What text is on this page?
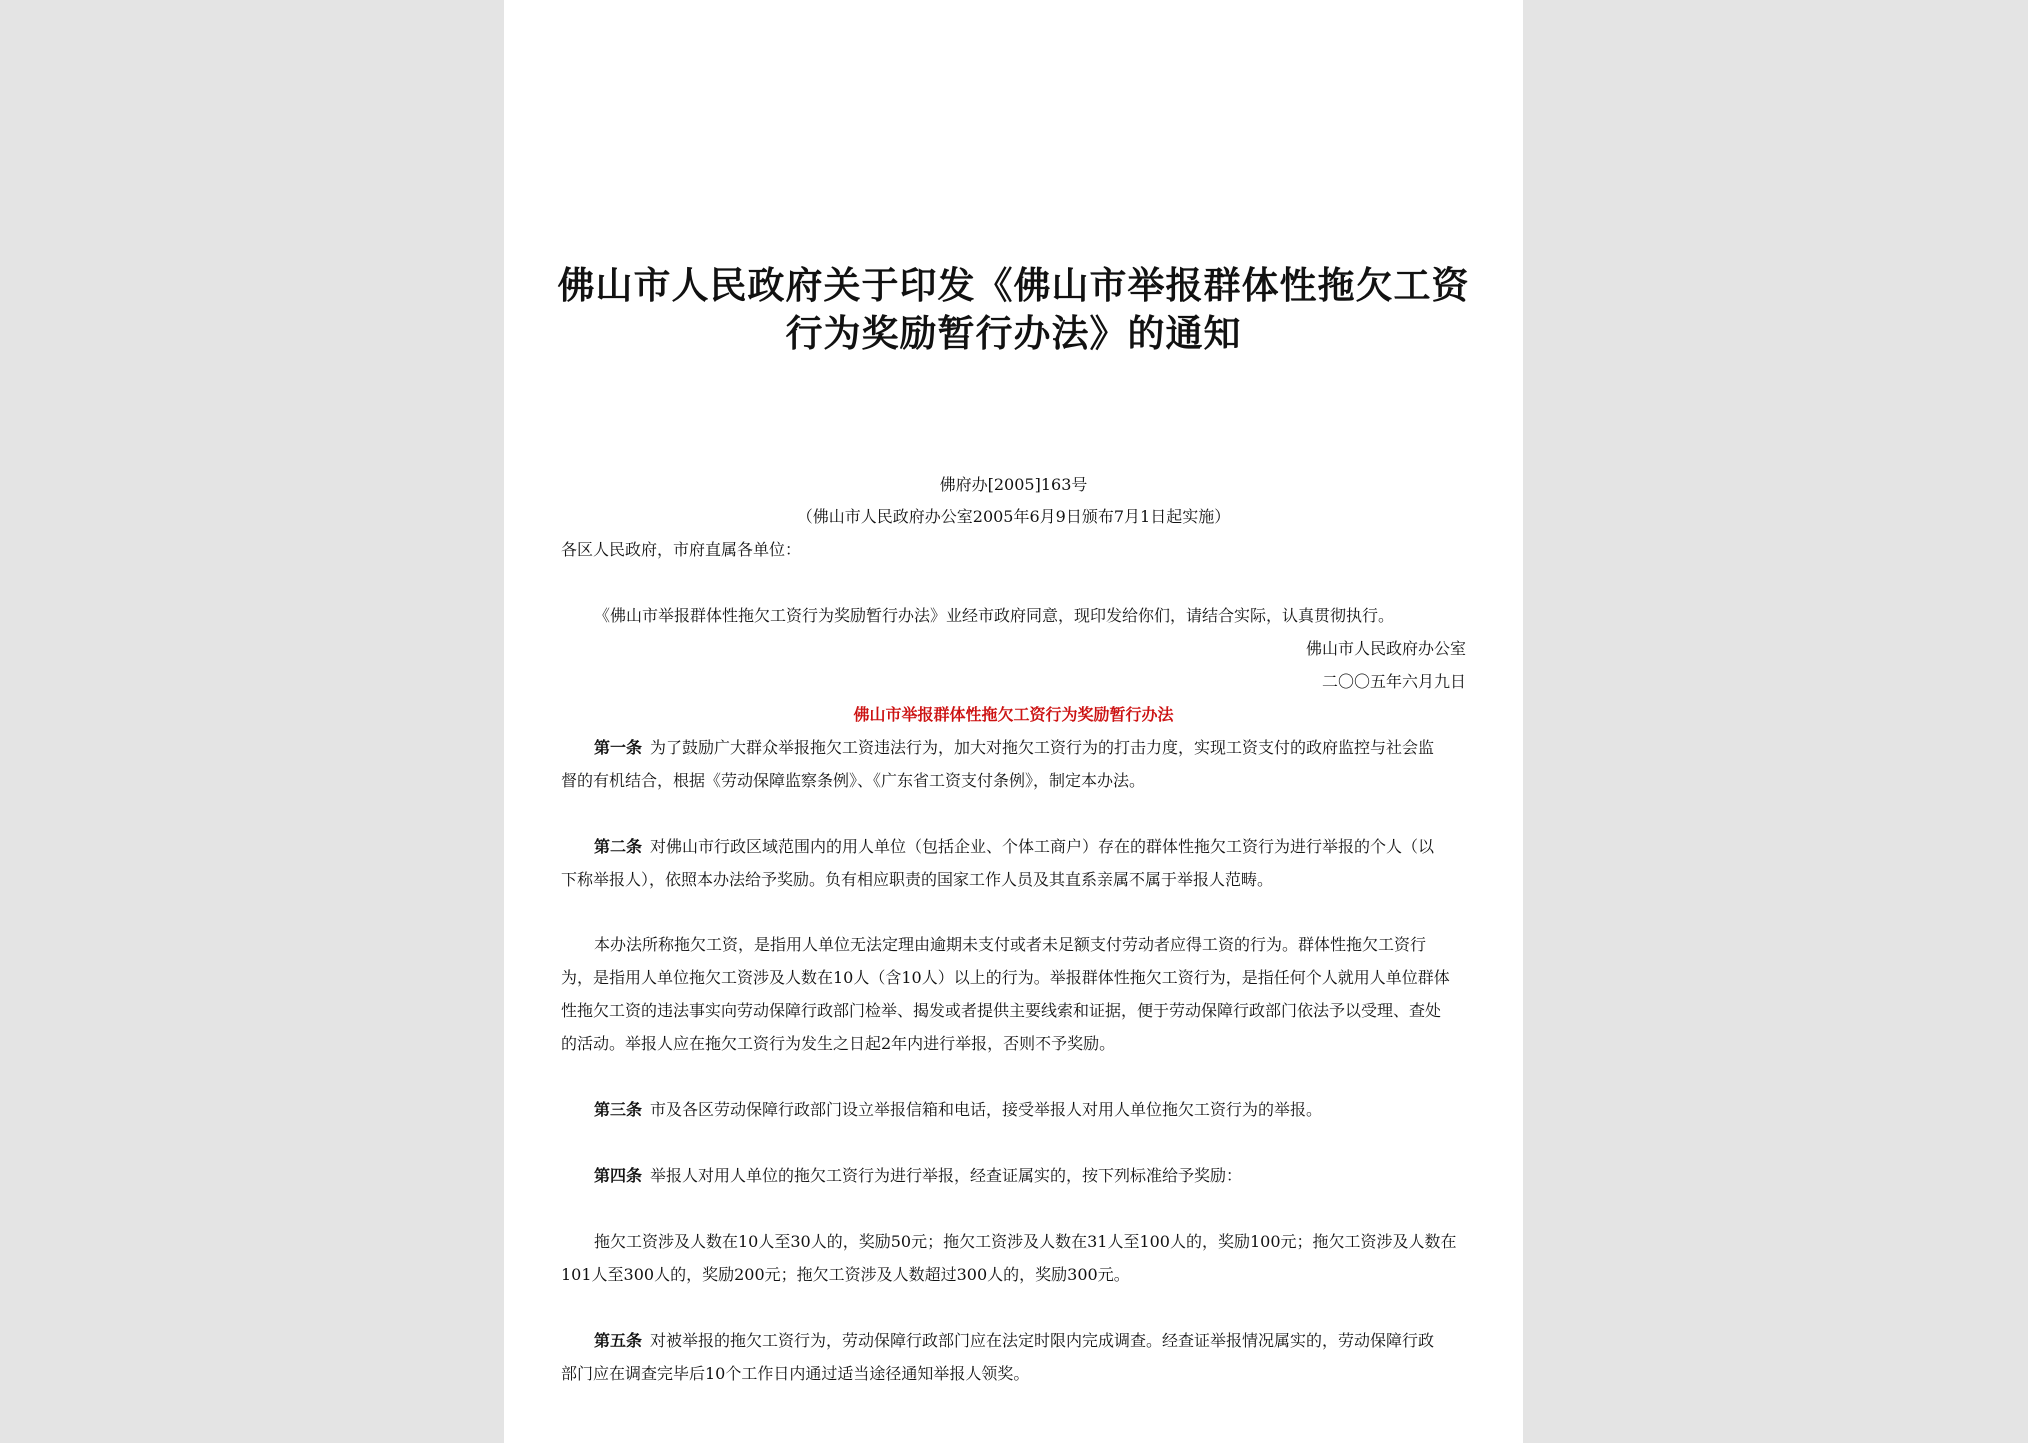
佛山市人民政府关于印发《佛山市举报群体性拖欠工资
行为奖励暂行办法》的通知
佛府办[2005]163号
（佛山市人民政府办公室2005年6月9日颁布7月1日起实施）
各区人民政府，市府直属各单位：
《佛山市举报群体性拖欠工资行为奖励暂行办法》业经市政府同意，现印发给你们，请结合实际，认真贯彻执行。
佛山市人民政府办公室
二〇〇五年六月九日
佛山市举报群体性拖欠工资行为奖励暂行办法
第一条 为了鼓励广大群众举报拖欠工资违法行为，加大对拖欠工资行为的打击力度，实现工资支付的政府监控与社会监
督的有机结合，根据《劳动保障监察条例》、《广东省工资支付条例》，制定本办法。
第二条 对佛山市行政区域范围内的用人单位（包括企业、个体工商户）存在的群体性拖欠工资行为进行举报的个人（以
下称举报人），依照本办法给予奖励。负有相应职责的国家工作人员及其直系亲属不属于举报人范畴。
本办法所称拖欠工资，是指用人单位无法定理由逾期未支付或者未足额支付劳动者应得工资的行为。群体性拖欠工资行
为，是指用人单位拖欠工资涉及人数在10人（含10人）以上的行为。举报群体性拖欠工资行为，是指任何个人就用人单位群体
性拖欠工资的违法事实向劳动保障行政部门检举、揭发或者提供主要线索和证据，便于劳动保障行政部门依法予以受理、查处
的活动。举报人应在拖欠工资行为发生之日起2年内进行举报，否则不予奖励。
第三条 市及各区劳动保障行政部门设立举报信箱和电话，接受举报人对用人单位拖欠工资行为的举报。
第四条 举报人对用人单位的拖欠工资行为进行举报，经查证属实的，按下列标准给予奖励：
拖欠工资涉及人数在10人至30人的，奖励50元；拖欠工资涉及人数在31人至100人的，奖励100元；拖欠工资涉及人数在
101人至300人的，奖励200元；拖欠工资涉及人数超过300人的，奖励300元。
第五条 对被举报的拖欠工资行为，劳动保障行政部门应在法定时限内完成调查。经查证举报情况属实的，劳动保障行政
部门应在调查完毕后10个工作日内通过适当途径通知举报人领奖。
